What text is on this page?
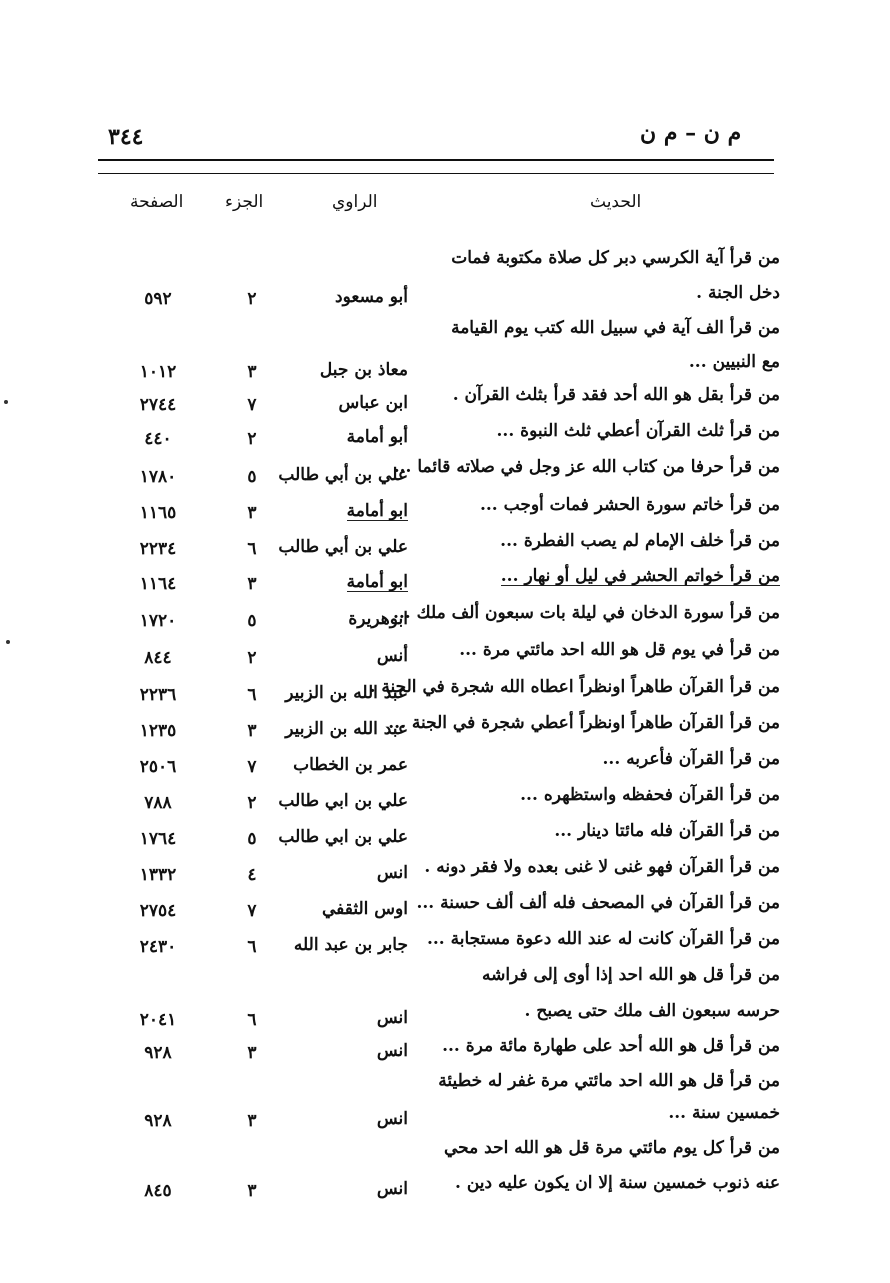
م ن – م ن
٣٤٤
الحديث
الراوي
الجزء
الصفحة
من قرأ آية الكرسي دبر كل صلاة مكتوبة فمات
دخل الجنة .
من قرأ الف آية في سبيل الله كتب يوم القيامة
مع النبيين ...
من قرأ بقل هو الله أحد فقد قرأ بثلث القرآن .
من قرأ ثلث القرآن أعطي ثلث النبوة ...
من قرأ حرفا من كتاب الله عز وجل في صلاته قائما ...
من قرأ خاتم سورة الحشر فمات أوجب ...
من قرأ خلف الإمام لم يصب الفطرة ...
من قرأ خواتم الحشر في ليل أو نهار ...
من قرأ سورة الدخان في ليلة بات سبعون ألف ملك ...
من قرأ في يوم قل هو الله احد مائتي مرة ...
من قرأ القرآن طاهراً اونظراً اعطاه الله شجرة في الجنة .
من قرأ القرآن طاهراً اونظراً أعطي شجرة في الجنة ...
من قرأ القرآن فأعربه ...
من قرأ القرآن فحفظه واستظهره ...
من قرأ القرآن فله مائتا دينار ...
من قرأ القرآن فهو غنى لا غنى بعده ولا فقر دونه .
من قرأ القرآن في المصحف فله ألف ألف حسنة ...
من قرأ القرآن كانت له عند الله دعوة مستجابة ...
من قرأ قل هو الله احد إذا أوى إلى فراشه
حرسه سبعون الف ملك حتى يصبح .
من قرأ قل هو الله أحد على طهارة مائة مرة ...
من قرأ قل هو الله احد مائتي مرة غفر له خطيئة
خمسين سنة ...
من قرأ كل يوم مائتي مرة قل هو الله احد محي
عنه ذنوب خمسين سنة إلا ان يكون عليه دين .
أبو مسعود
٢
٥٩٢
معاذ بن جبل
٣
١٠١٢
ابن عباس
٧
٢٧٤٤
أبو أمامة
٢
٤٤٠
علي بن أبي طالب
٥
١٧٨٠
ابو أمامة
٣
١١٦٥
علي بن أبي طالب
٦
٢٢٣٤
ابو أمامة
٣
١١٦٤
ابوهريرة
٥
١٧٢٠
أنس
٢
٨٤٤
عبد الله بن الزبير
٦
٢٢٣٦
عبد الله بن الزبير
٣
١٢٣٥
عمر بن الخطاب
٧
٢٥٠٦
علي بن ابي طالب
٢
٧٨٨
علي بن ابي طالب
٥
١٧٦٤
انس
٤
١٣٣٢
اوس الثقفي
٧
٢٧٥٤
جابر بن عبد الله
٦
٢٤٣٠
انس
٦
٢٠٤١
انس
٣
٩٢٨
انس
٣
٩٢٨
انس
٣
٨٤٥
